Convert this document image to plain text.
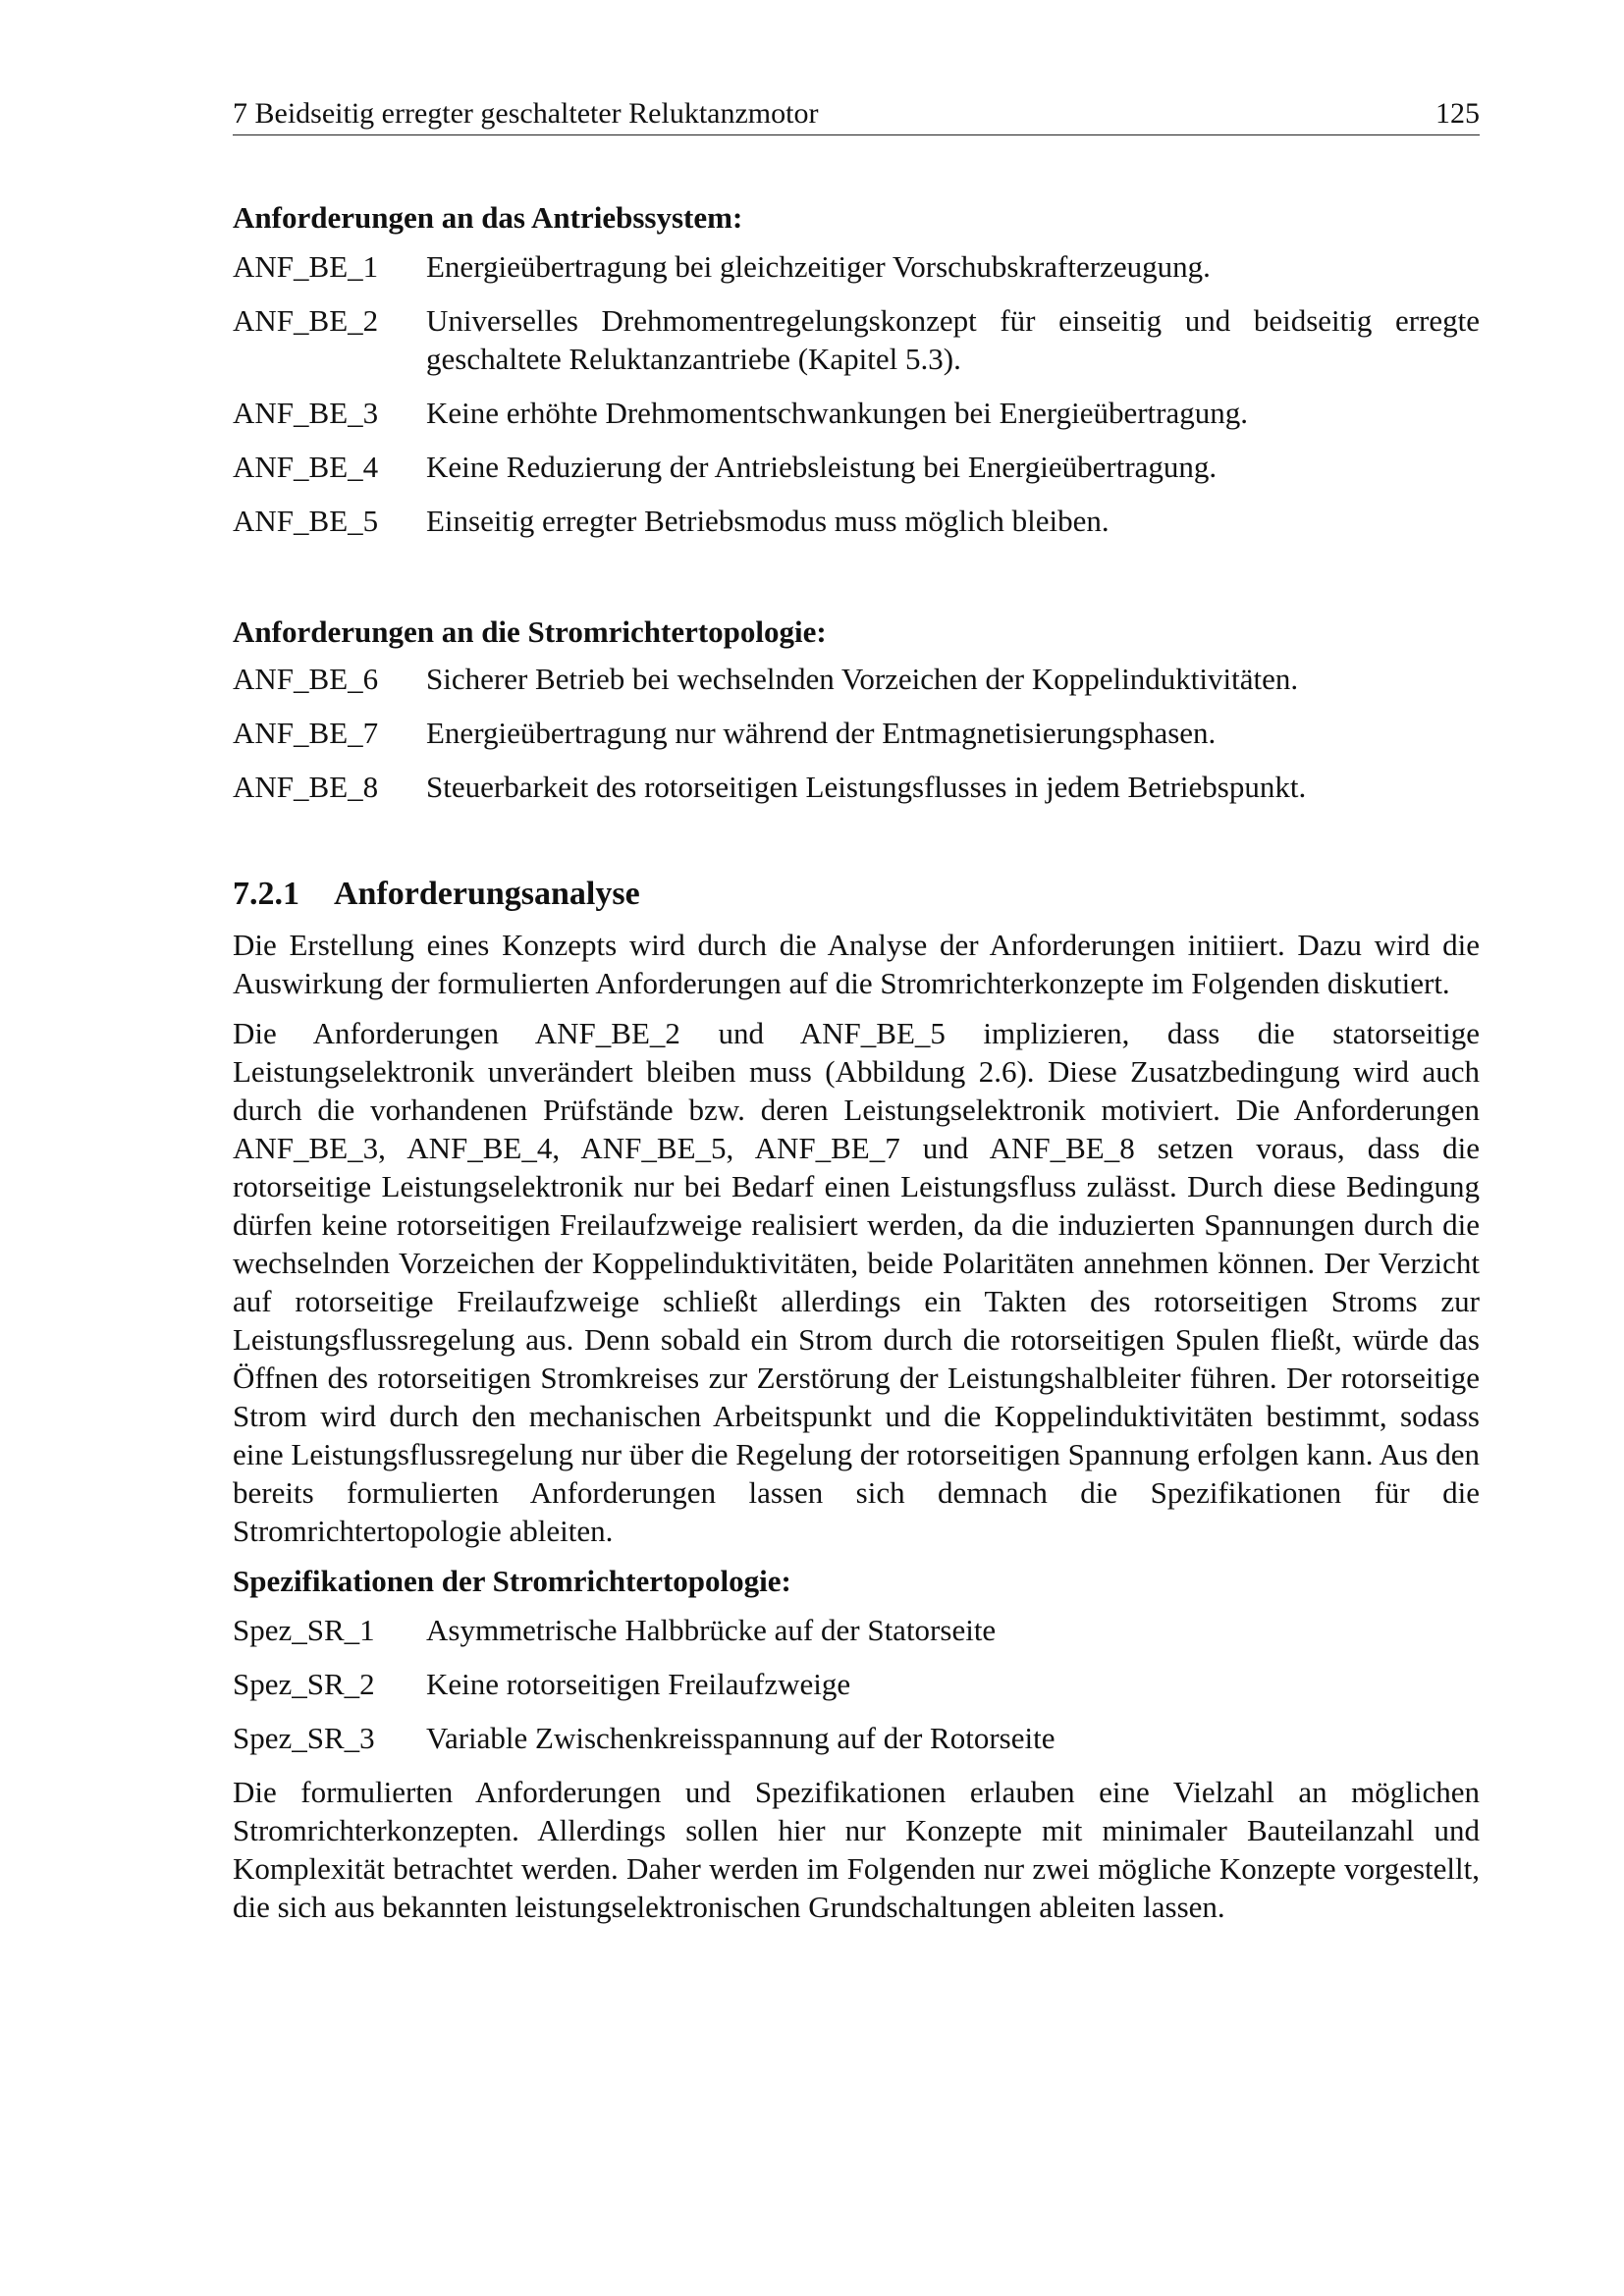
7 Beidseitig erregter geschalteter Reluktanzmotor	125
Anforderungen an das Antriebssystem:
ANF_BE_1	Energieübertragung bei gleichzeitiger Vorschubskrafterzeugung.
ANF_BE_2	Universelles Drehmomentregelungskonzept für einseitig und beidseitig erregte geschaltete Reluktanzantriebe (Kapitel 5.3).
ANF_BE_3	Keine erhöhte Drehmomentschwankungen bei Energieübertragung.
ANF_BE_4	Keine Reduzierung der Antriebsleistung bei Energieübertragung.
ANF_BE_5	Einseitig erregter Betriebsmodus muss möglich bleiben.
Anforderungen an die Stromrichtertopologie:
ANF_BE_6	Sicherer Betrieb bei wechselnden Vorzeichen der Koppelinduktivitäten.
ANF_BE_7	Energieübertragung nur während der Entmagnetisierungsphasen.
ANF_BE_8	Steuerbarkeit des rotorseitigen Leistungsflusses in jedem Betriebspunkt.
7.2.1 Anforderungsanalyse

Die Erstellung eines Konzepts wird durch die Analyse der Anforderungen initiiert. Dazu wird die Auswirkung der formulierten Anforderungen auf die Stromrichterkonzepte im Folgenden diskutiert.

Die Anforderungen ANF_BE_2 und ANF_BE_5 implizieren, dass die statorseitige Leistungselektronik unverändert bleiben muss (Abbildung 2.6). Diese Zusatzbedingung wird auch durch die vorhandenen Prüfstände bzw. deren Leistungselektronik motiviert. Die Anforderungen ANF_BE_3, ANF_BE_4, ANF_BE_5, ANF_BE_7 und ANF_BE_8 setzen voraus, dass die rotorseitige Leistungselektronik nur bei Bedarf einen Leistungsfluss zulässt. Durch diese Bedingung dürfen keine rotorseitigen Freilaufzweige realisiert werden, da die induzierten Spannungen durch die wechselnden Vorzeichen der Koppelinduktivitäten, beide Polaritäten annehmen können. Der Verzicht auf rotorseitige Freilaufzweige schließt allerdings ein Takten des rotorseitigen Stroms zur Leistungsflussregelung aus. Denn sobald ein Strom durch die rotorseitigen Spulen fließt, würde das Öffnen des rotorseitigen Stromkreises zur Zerstörung der Leistungshalbleiter führen. Der rotorseitige Strom wird durch den mechanischen Arbeitspunkt und die Koppelinduktivitäten bestimmt, sodass eine Leistungsflussregelung nur über die Regelung der rotorseitigen Spannung erfolgen kann. Aus den bereits formulierten Anforderungen lassen sich demnach die Spezifikationen für die Stromrichtertopologie ableiten.

Spezifikationen der Stromrichtertopologie:
Spez_SR_1	Asymmetrische Halbbrücke auf der Statorseite
Spez_SR_2	Keine rotorseitigen Freilaufzweige
Spez_SR_3	Variable Zwischenkreisspannung auf der Rotorseite

Die formulierten Anforderungen und Spezifikationen erlauben eine Vielzahl an möglichen Stromrichterkonzepten. Allerdings sollen hier nur Konzepte mit minimaler Bauteilanzahl und Komplexität betrachtet werden. Daher werden im Folgenden nur zwei mögliche Konzepte vorgestellt, die sich aus bekannten leistungselektronischen Grundschaltungen ableiten lassen.
